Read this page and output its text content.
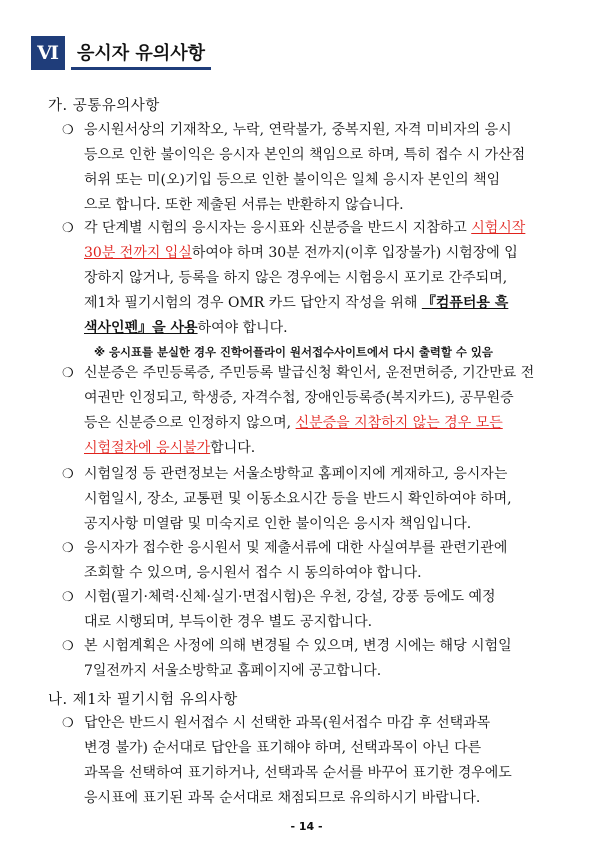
Ⅵ	응시자 유의사항
가. 공통유의사항
❍ 응시원서상의 기재착오, 누락, 연락불가, 중복지원, 자격 미비자의 응시
등으로 인한 불이익은 응시자 본인의 책임으로 하며, 특히 접수 시 가산점
허위 또는 미(오)기입 등으로 인한 불이익은 일체 응시자 본인의 책임
으로 합니다. 또한 제출된 서류는 반환하지 않습니다.
❍ 각 단계별 시험의 응시자는 응시표와 신분증을 반드시 지참하고 시험시작
30분 전까지 입실하여야 하며 30분 전까지(이후 입장불가) 시험장에 입
장하지 않거나, 등록을 하지 않은 경우에는 시험응시 포기로 간주되며,
제1차 필기시험의 경우 OMR 카드 답안지 작성을 위해 『컴퓨터용 흑
색사인펜』을 사용하여야 합니다.
※ 응시표를 분실한 경우 진학어플라이 원서접수사이트에서 다시 출력할 수 있음
❍ 신분증은 주민등록증, 주민등록 발급신청 확인서, 운전면허증, 기간만료 전
여권만 인정되고, 학생증, 자격수첩, 장애인등록증(복지카드), 공무원증
등은 신분증으로 인정하지 않으며, 신분증을 지참하지 않는 경우 모든
시험절차에 응시불가합니다.
❍ 시험일정 등 관련정보는 서울소방학교 홈페이지에 게재하고, 응시자는
시험일시, 장소, 교통편 및 이동소요시간 등을 반드시 확인하여야 하며,
공지사항 미열람 및 미숙지로 인한 불이익은 응시자 책임입니다.
❍ 응시자가 접수한 응시원서 및 제출서류에 대한 사실여부를 관련기관에
조회할 수 있으며, 응시원서 접수 시 동의하여야 합니다.
❍ 시험(필기·체력·신체·실기·면접시험)은 우천, 강설, 강풍 등에도 예정
대로 시행되며, 부득이한 경우 별도 공지합니다.
❍ 본 시험계획은 사정에 의해 변경될 수 있으며, 변경 시에는 해당 시험일
7일전까지 서울소방학교 홈페이지에 공고합니다.
나. 제1차 필기시험 유의사항
❍ 답안은 반드시 원서접수 시 선택한 과목(원서접수 마감 후 선택과목
변경 불가) 순서대로 답안을 표기해야 하며, 선택과목이 아닌 다른
과목을 선택하여 표기하거나, 선택과목 순서를 바꾸어 표기한 경우에도
응시표에 표기된 과목 순서대로 채점되므로 유의하시기 바랍니다.
- 14 -
